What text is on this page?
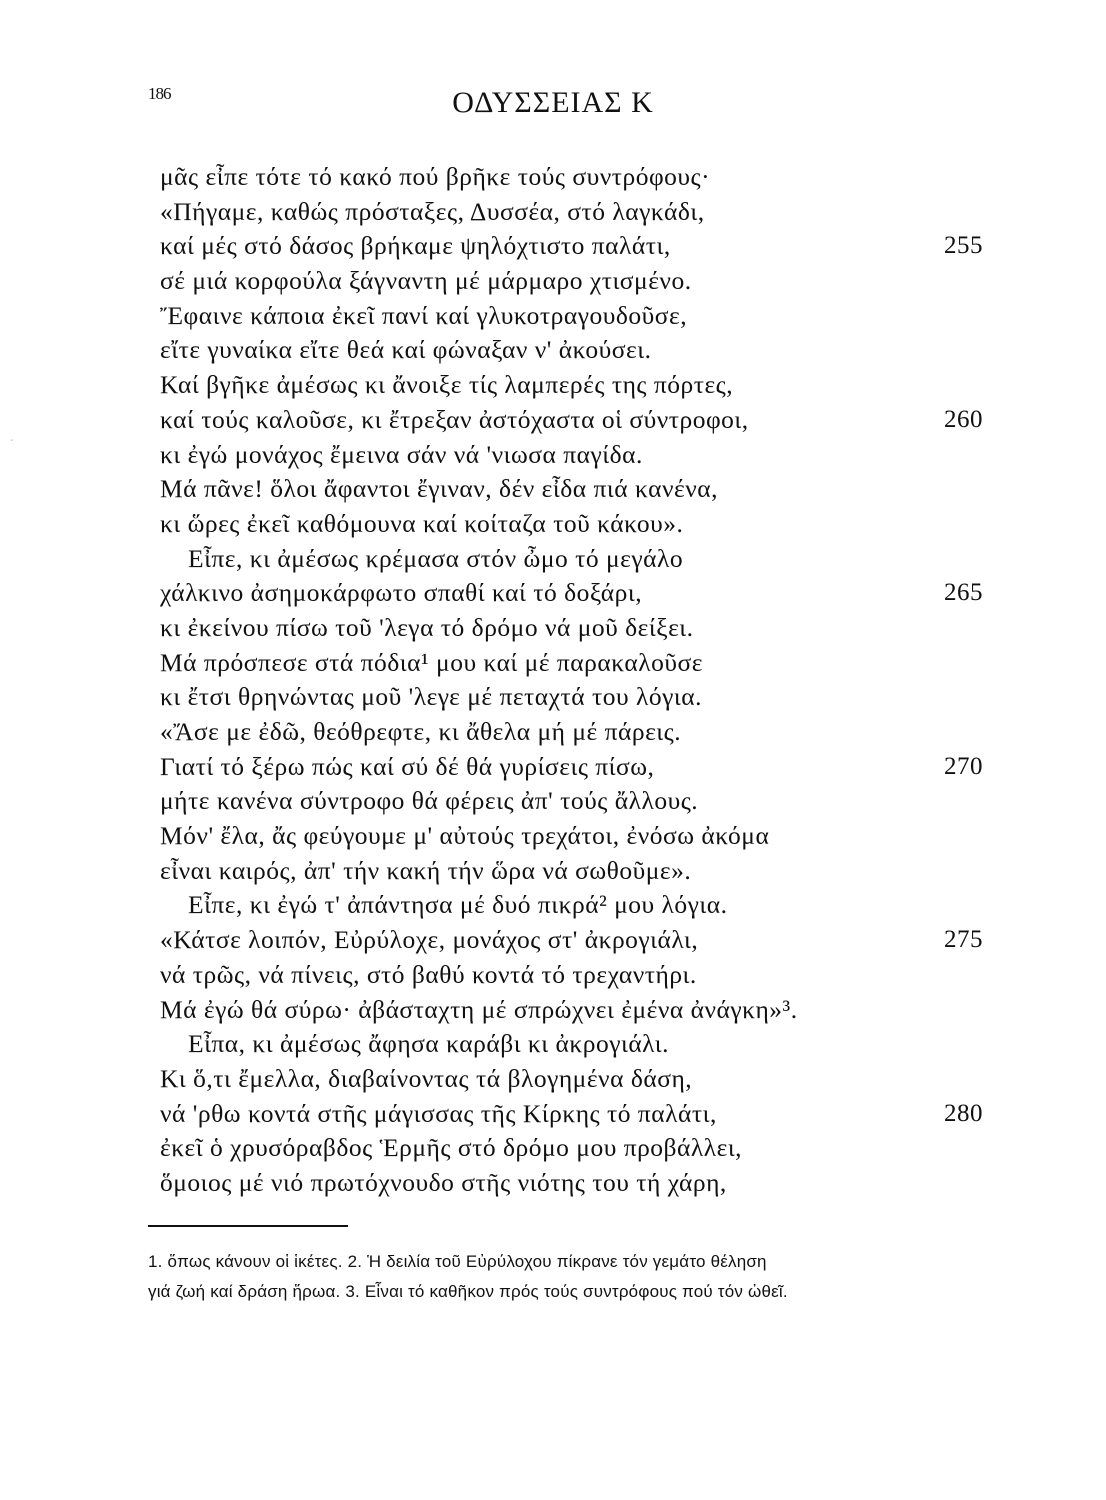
-
186	ΟΔΥΣΣΕΙΑΣ Κ
μᾶς εἶπε τότε τό κακό πού βρῆκε τούς συντρόφους·
«Πήγαμε, καθώς πρόσταξες, Δυσσέα, στό λαγκάδι,
καί μές στό δάσος βρήκαμε ψηλόχτιστο παλάτι,	255
σέ μιά κορφούλα ξάγναντη μέ μάρμαρο χτισμένο.
Ἔφαινε κάποια ἐκεῖ πανί καί γλυκοτραγουδοῦσε,
εἴτε γυναίκα εἴτε θεά καί φώναξαν ν' ἀκούσει.
Καί βγῆκε ἀμέσως κι ἄνοιξε τίς λαμπερές της πόρτες,
καί τούς καλοῦσε, κι ἔτρεξαν ἀστόχαστα οἱ σύντροφοι,	260
κι ἐγώ μονάχος ἔμεινα σάν νά 'νιωσα παγίδα.
Μά πᾶνε! ὅλοι ἄφαντοι ἔγιναν, δέν εἶδα πιά κανένα,
κι ὥρες ἐκεῖ καθόμουνα καί κοίταζα τοῦ κάκου».
Εἶπε, κι ἀμέσως κρέμασα στόν ὦμο τό μεγάλο
χάλκινο ἀσημοκάρφωτο σπαθί καί τό δοξάρι,	265
κι ἐκείνου πίσω τοῦ 'λεγα τό δρόμο νά μοῦ δείξει.
Μά πρόσπεσε στά πόδια¹ μου καί μέ παρακαλοῦσε
κι ἔτσι θρηνώντας μοῦ 'λεγε μέ πεταχτά του λόγια.
«Ἄσε με ἐδῶ, θεόθρεφτε, κι ἄθελα μή μέ πάρεις.
Γιατί τό ξέρω πώς καί σύ δέ θά γυρίσεις πίσω,	270
μήτε κανένα σύντροφο θά φέρεις ἀπ' τούς ἄλλους.
Μόν' ἔλα, ἄς φεύγουμε μ' αὐτούς τρεχάτοι, ἐνόσω ἀκόμα
εἶναι καιρός, ἀπ' τήν κακή τήν ὥρα νά σωθοῦμε».
Εἶπε, κι ἐγώ τ' ἀπάντησα μέ δυό πικρά² μου λόγια.
«Κάτσε λοιπόν, Εὐρύλοχε, μονάχος στ' ἀκρογιάλι,	275
νά τρῶς, νά πίνεις, στό βαθύ κοντά τό τρεχαντήρι.
Μά ἐγώ θά σύρω· ἀβάσταχτη μέ σπρώχνει ἐμένα ἀνάγκη»³.
Εἶπα, κι ἀμέσως ἄφησα καράβι κι ἀκρογιάλι.
Κι ὅ,τι ἔμελλα, διαβαίνοντας τά βλογημένα δάση,
νά 'ρθω κοντά στῆς μάγισσας τῆς Κίρκης τό παλάτι,	280
ἐκεῖ ὁ χρυσόραβδος Ἑρμῆς στό δρόμο μου προβάλλει,
ὅμοιος μέ νιό πρωτόχνουδο στῆς νιότης του τή χάρη,
1. ὅπως κάνουν οἱ ἱκέτες. 2. Ἡ δειλία τοῦ Εὐρύλοχου πίκρανε τόν γεμάτο θέληση
γιά ζωή καί δράση ἥρωα. 3. Εἶναι τό καθῆκον πρός τούς συντρόφους πού τόν ὠθεῖ.
